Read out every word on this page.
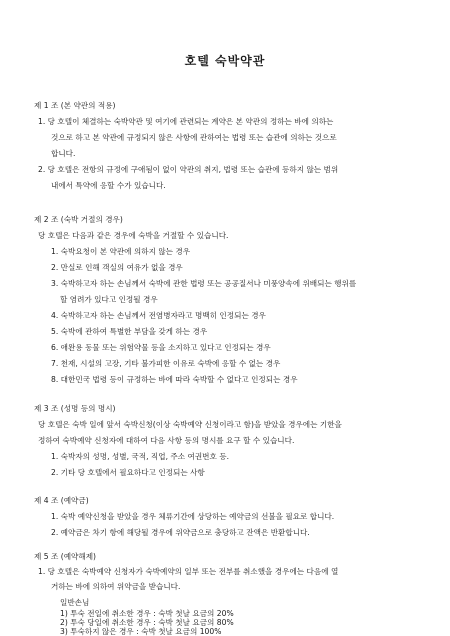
호텔 숙박약관
제 1 조 (본 약관의 적용)
1. 당 호텔이 체결하는 숙박약관 및 여기에 관련되는 계약은 본 약관의 정하는 바에 의하는
것으로 하고 본 약관에 규정되지 않은 사항에 관하여는 법령 또는 습관에 의하는 것으로
합니다.
2. 당 호텔은 전항의 규정에 구애됨이 없이 약관의 취지, 법령 또는 습관에 등하지 않는 범위
내에서 특약에 응할 수가 있습니다.
제 2 조 (숙박 거절의 경우)
당 호텔은 다음과 같은 경우에 숙박을 거절할 수 있습니다.
1. 숙박요청이 본 약관에 의하지 않는 경우
2. 만실로 인해 객실의 여유가 없을 경우
3. 숙박하고자 하는 손님께서 숙박에 관한 법령 또는 공공질서나 미풍양속에 위배되는 행위를
할 염려가 있다고 인정될 경우
4. 숙박하고자 하는 손님께서 전염병자라고 명백히 인정되는 경우
5. 숙박에 관하여 특별한 부담을 갖게 하는 경우
6. 애완용 동물 또는 위험약물 등을 소지하고 있다고 인정되는 경우
7. 천재, 시설의 고장, 기타 불가피한 이유로 숙박에 응할 수 없는 경우
8. 대한민국 법령 등이 규정하는 바에 따라 숙박할 수 없다고 인정되는 경우
제 3 조 (성명 등의 명시)
당 호텔은 숙박 일에 앞서 숙박신청(이상 숙박예약 신청이라고 함)을 받았을 경우에는 기한을
정하여 숙박예약 신청자에 대하여 다음 사항 등의 명시를 요구 할 수 있습니다.
1. 숙박자의 성명, 성별, 국적, 직업, 주소 여권번호 등.
2. 기타 당 호텔에서 필요하다고 인정되는 사항
제 4 조 (예약금)
1. 숙박 예약신청을 받았을 경우 체류기간에 상당하는 예약금의 선불을 필요로 합니다.
2. 예약금은 차기 항에 해당될 경우에 위약금으로 충당하고 잔액은 반환합니다.
제 5 조 (예약해제)
1. 당 호텔은 숙박예약 신청자가 숙박예약의 일부 또는 전부를 취소했을 경우에는 다음에 열
거하는 바에 의하여 위약금을 받습니다.
일반손님
1) 투숙 전일에 취소한 경우 : 숙박 첫날 요금의 20%
2) 투숙 당일에 취소한 경우 : 숙박 첫날 요금의 80%
3) 투숙하지 않은 경우 : 숙박 첫날 요금의 100%
